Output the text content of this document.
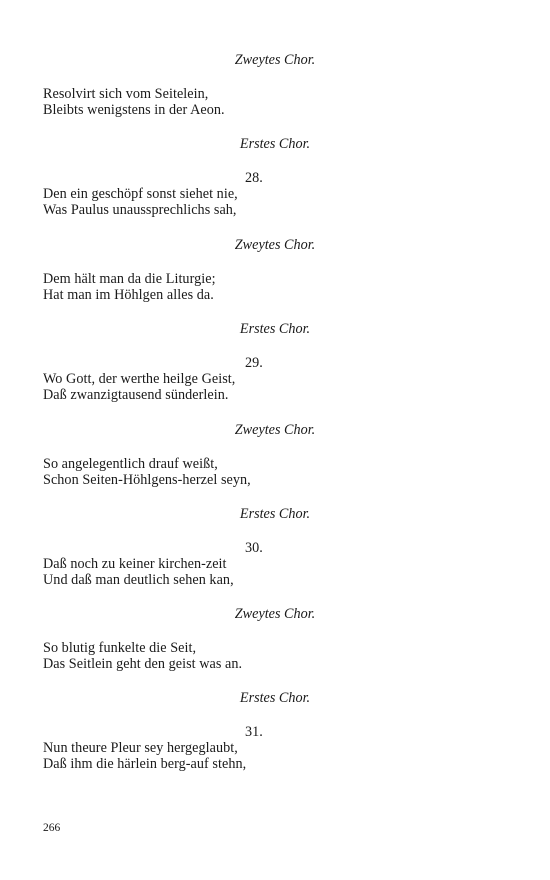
Zweytes Chor.
Resolvirt sich vom Seitelein,
Bleibts wenigstens in der Aeon.
Erstes Chor.
28.
Den ein geschöpf sonst siehet nie,
Was Paulus unaussprechlichs sah,
Zweytes Chor.
Dem hält man da die Liturgie;
Hat man im Höhlgen alles da.
Erstes Chor.
29.
Wo Gott, der werthe heilge Geist,
Daß zwanzigtausend sünderlein.
Zweytes Chor.
So angelegentlich drauf weißt,
Schon Seiten-Höhlgens-herzel seyn,
Erstes Chor.
30.
Daß noch zu keiner kirchen-zeit
Und daß man deutlich sehen kan,
Zweytes Chor.
So blutig funkelte die Seit,
Das Seitlein geht den geist was an.
Erstes Chor.
31.
Nun theure Pleur sey hergeglaubt,
Daß ihm die härlein berg-auf stehn,
266
